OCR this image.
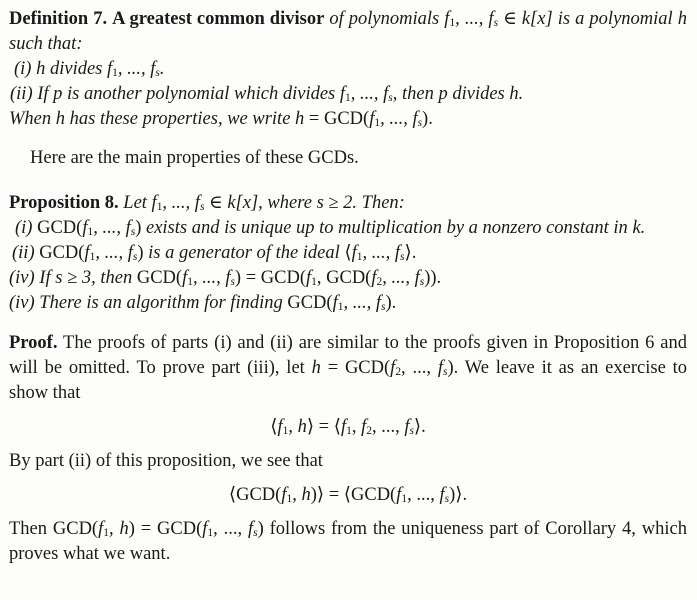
Definition 7. A greatest common divisor of polynomials $f_1$, ..., $f_s$ ∈ k[x] is a polynomial h such that:

(i) h divides $f_1$, ..., $f_s$.

(ii) If p is another polynomial which divides $f_1$, ..., $f_s$, then p divides h.

When h has these properties, we write $h = GCD(f_1$, ..., $f_s$).

Here are the main properties of these GCDs.

Proposition 8. Let $f_1$, ..., $f_s$ ∈ k[x], where s ≥ 2. Then:

(i) $GCD(f_1$, ..., $f_s$) exists and is unique up to multiplication by a nonzero constant in k.

(ii) $GCD(f_1$, ..., $f_s$) is a generator of the ideal $⟨f_1$, ..., $f_s⟩$.

(iv) If s ≥ 3, then $GCD(f_1$, ..., $f_s) = GCD(f_1$, $GCD(f_2$, ..., $f_s$)).

(iv) There is an algorithm for finding $GCD(f_1$, ..., $f_s$).

Proof. The proofs of parts (i) and (ii) are similar to the proofs given in Proposition 6 and will be omitted. To prove part (iii), let $h = GCD(f_2$, ..., $f_s$). We leave it as an exercise to show that

$⟨f_1$, h⟩ = $⟨f_1$, $f_2$, ..., $f_s⟩$.

By part (ii) of this proposition, we see that

$⟨GCD(f_1$, h)⟩ = $⟨GCD(f_1$, ..., $f_s)⟩$.

Then $GCD(f_1$, $h) = GCD(f_1$, ..., $f_s$) follows from the uniqueness part of Corollary 4, which proves what we want.
